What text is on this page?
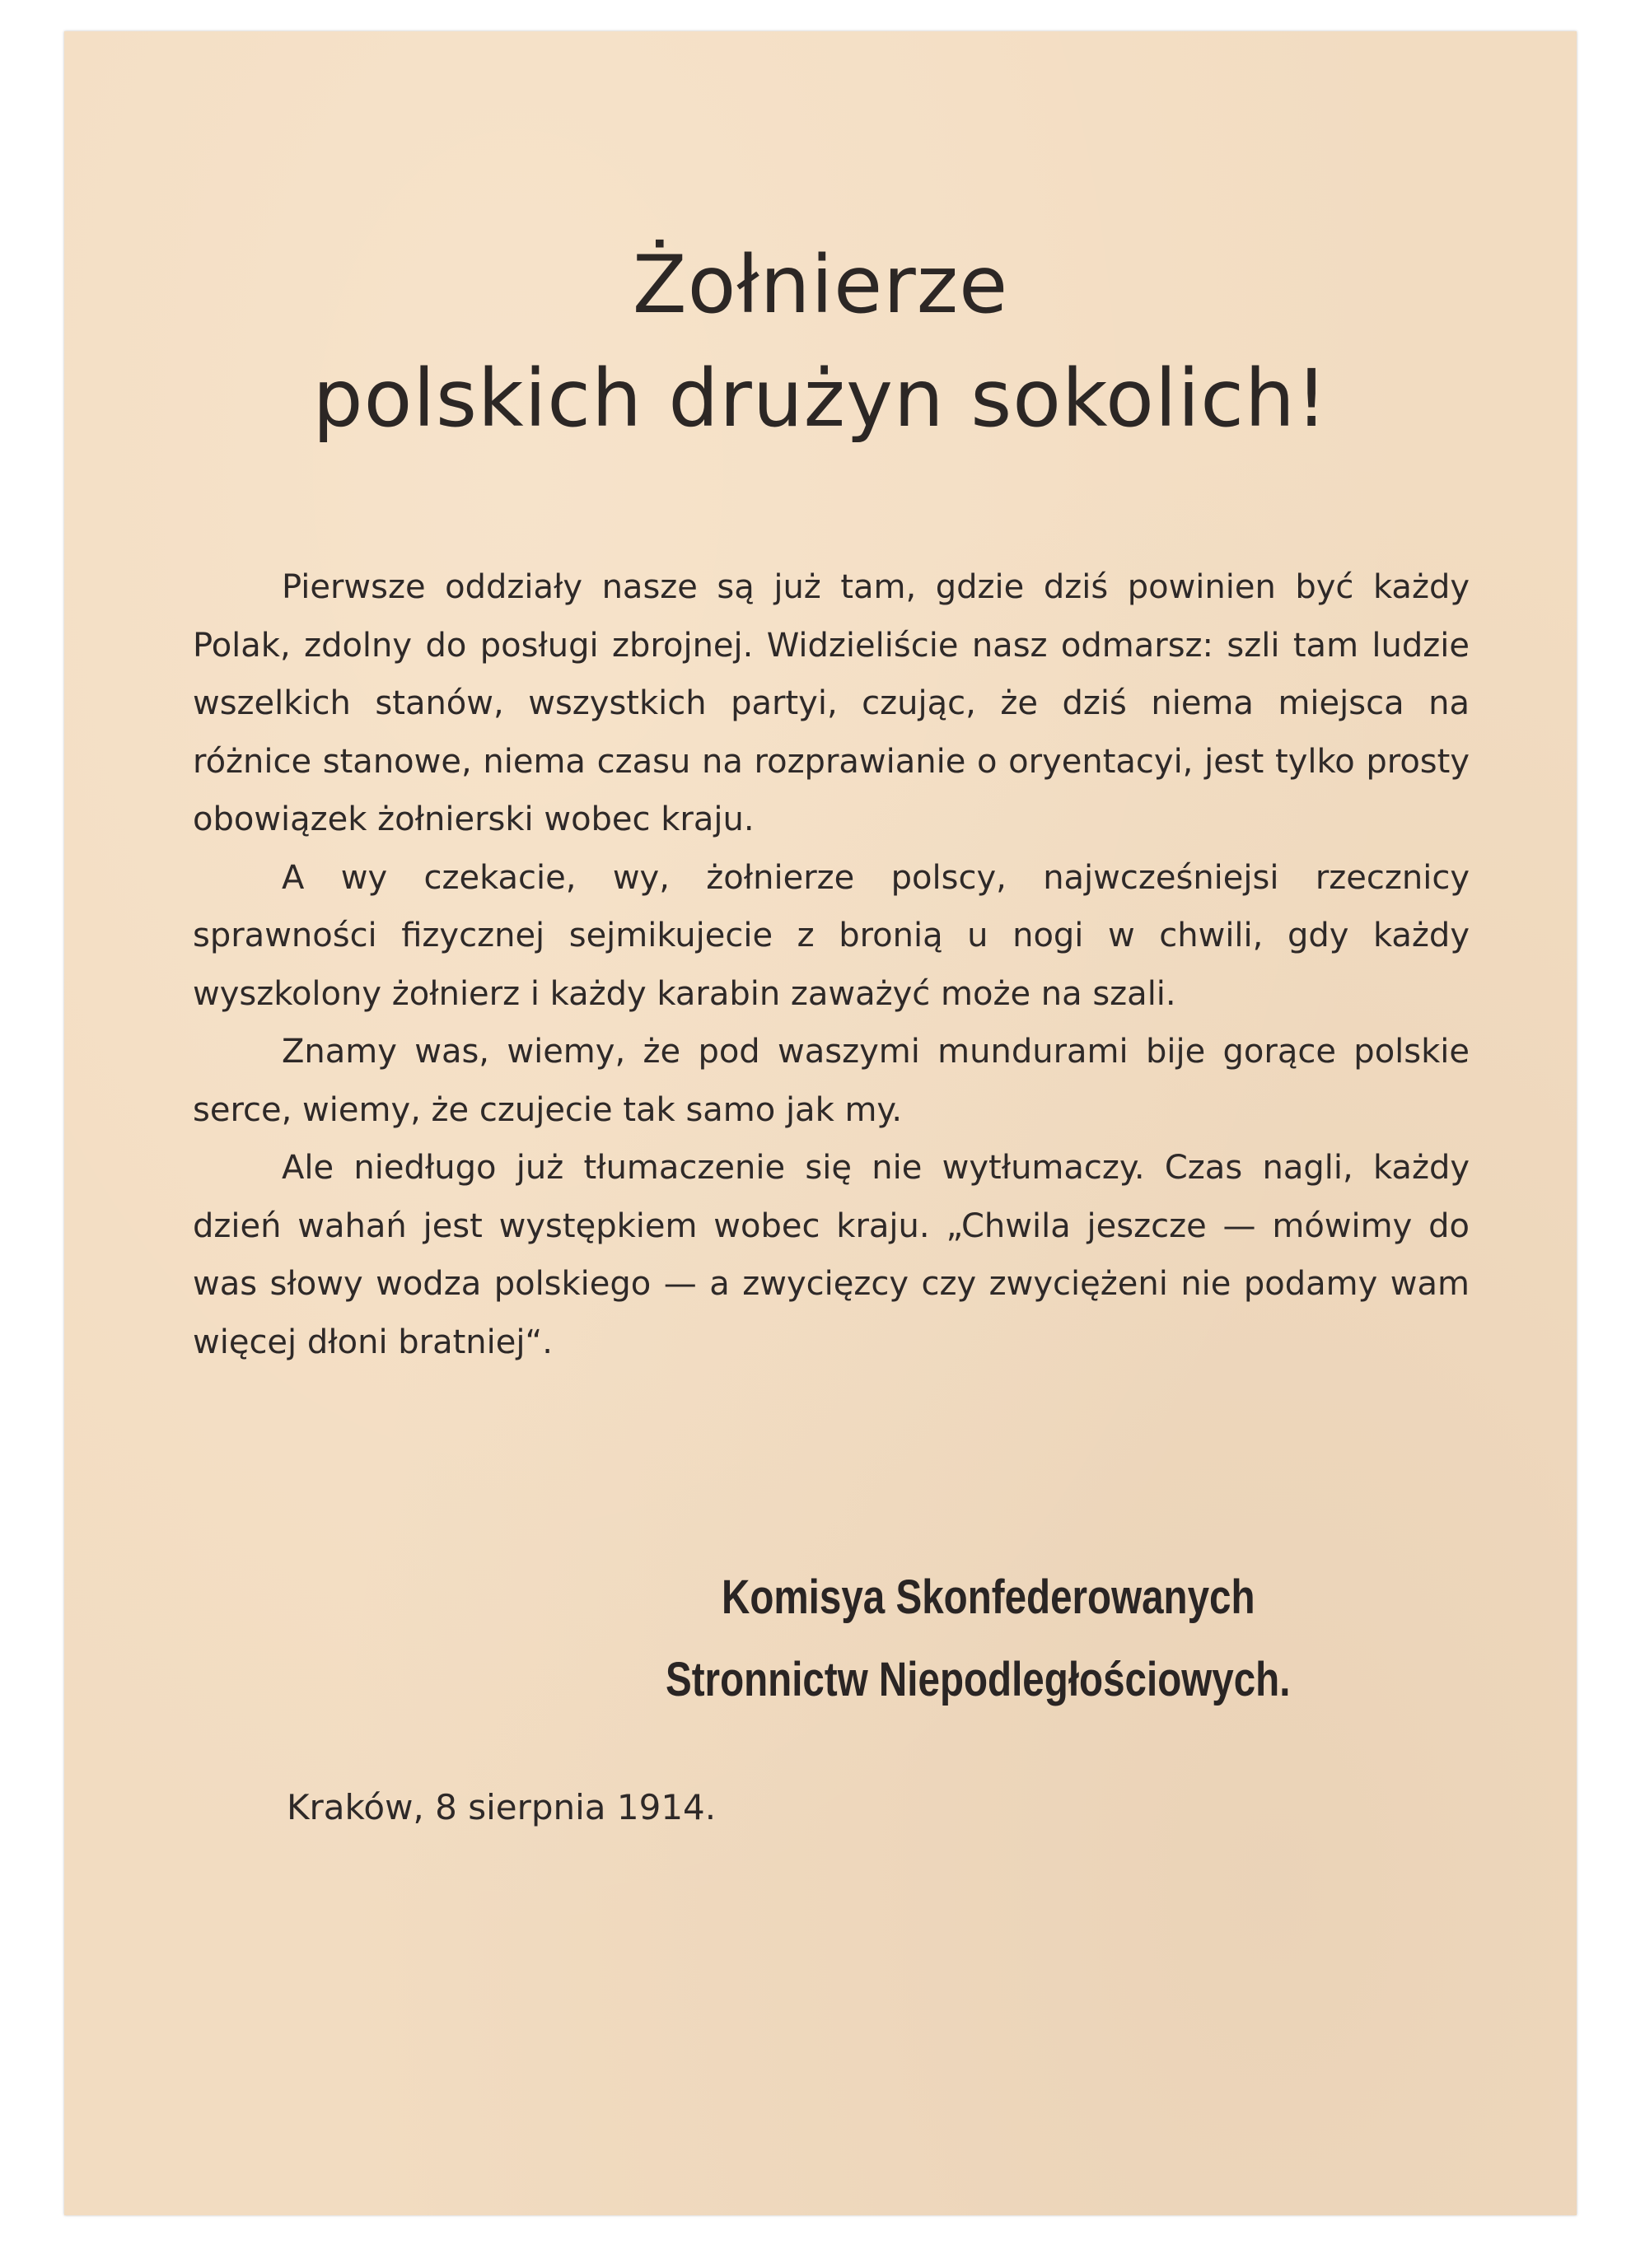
Żołnierze
polskich drużyn sokolich!

Pierwsze oddziały nasze są już tam, gdzie dziś powinien być każdy Polak, zdolny do posługi zbrojnej. Widzieliście nasz odmarsz: szli tam ludzie wszelkich stanów, wszystkich partyi, czując, że dziś niema miejsca na różnice stanowe, niema czasu na rozprawianie o oryentacyi, jest tylko prosty obowiązek żołnierski wobec kraju.

A wy czekacie, wy, żołnierze polscy, najwcześniejsi rzecznicy sprawności fizycznej sejmikujecie z bronią u nogi w chwili, gdy każdy wyszkolony żołnierz i każdy karabin zaważyć może na szali.

Znamy was, wiemy, że pod waszymi mundurami bije gorące polskie serce, wiemy, że czujecie tak samo jak my.

Ale niedługo już tłumaczenie się nie wytłumaczy. Czas nagli, każdy dzień wahań jest występkiem wobec kraju. „Chwila jeszcze — mówimy do was słowy wodza polskiego — a zwycięzcy czy zwyciężeni nie podamy wam więcej dłoni bratniej“.

Komisya Skonfederowanych
Stronnictw Niepodległościowych.
Kraków, 8 sierpnia 1914.
